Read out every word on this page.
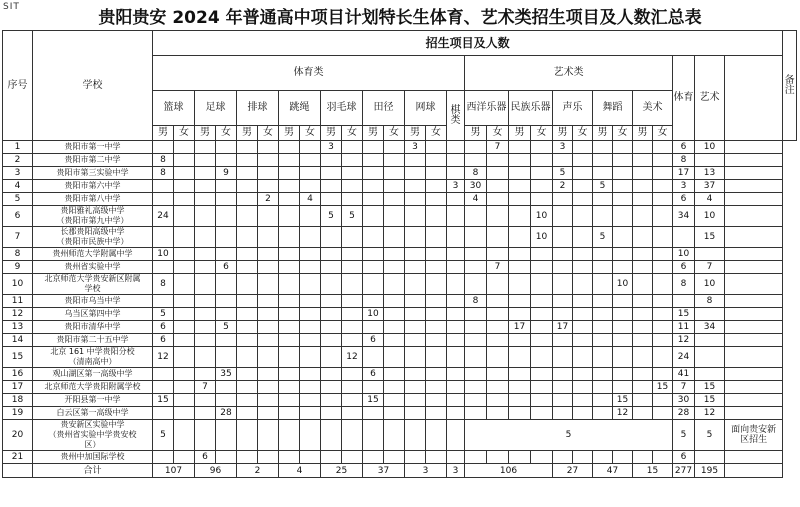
SIT
贵阳贵安 2024 年普通高中项目计划特长生体育、艺术类招生项目及人数汇总表
序号	学校	招生项目及人数																												备注
		体育类															艺术类										体育	艺术		
		篮球		足球		排球		跳绳		羽毛球		田径		网球		棋类	西洋乐器		民族乐器		声乐		舞蹈		美术					
		男	女	男	女	男	女	男	女	男	女	男	女	男	女		男	女	男	女	男	女	男	女	男	女				
1	贵阳市第一中学									3				3				7			3						6	10		
2	贵阳市第二中学	8																									8			
3	贵阳市第三实验中学	8			9												8				5						17	13		
4	贵阳市第六中学															3	30				2		5				3	37		
5	贵阳市第八中学						2		4								4										6	4		
6	贵阳雅礼高级中学
（贵阳市第九中学）	24								5	5									10							34	10		
7	长郡贵阳高级中学
（贵阳市民族中学）																			10			5					15		
8	贵州师范大学附属中学	10																									10			
9	贵州省实验中学				6													7									6	7		
10	北京师范大学贵安新区附属
学校	8																						10			8	10		
11	贵阳市乌当中学																8											8		
12	乌当区第四中学	5										10															15			
13	贵阳市清华中学	6			5														17		17						11	34		
14	贵阳市第二十五中学	6										6															12			
15	北京 161 中学贵阳分校
（清南高中）	12									12																24			
16	观山湖区第一高级中学				35							6															41			
17	北京师范大学贵阳附属学校			7																						15	7	15		
18	开阳县第一中学	15										15												15			30	15		
19	白云区第一高级中学				28																			12			28	12		
20	贵安新区实验中学
（贵州省实验中学贵安校
区）	5															5										5	5	面向贵安新
区招生	
21	贵州中加国际学校			6																							6			
	合计	107		96		2		4		25		37		3		3	106				27		47		15		277	195		
